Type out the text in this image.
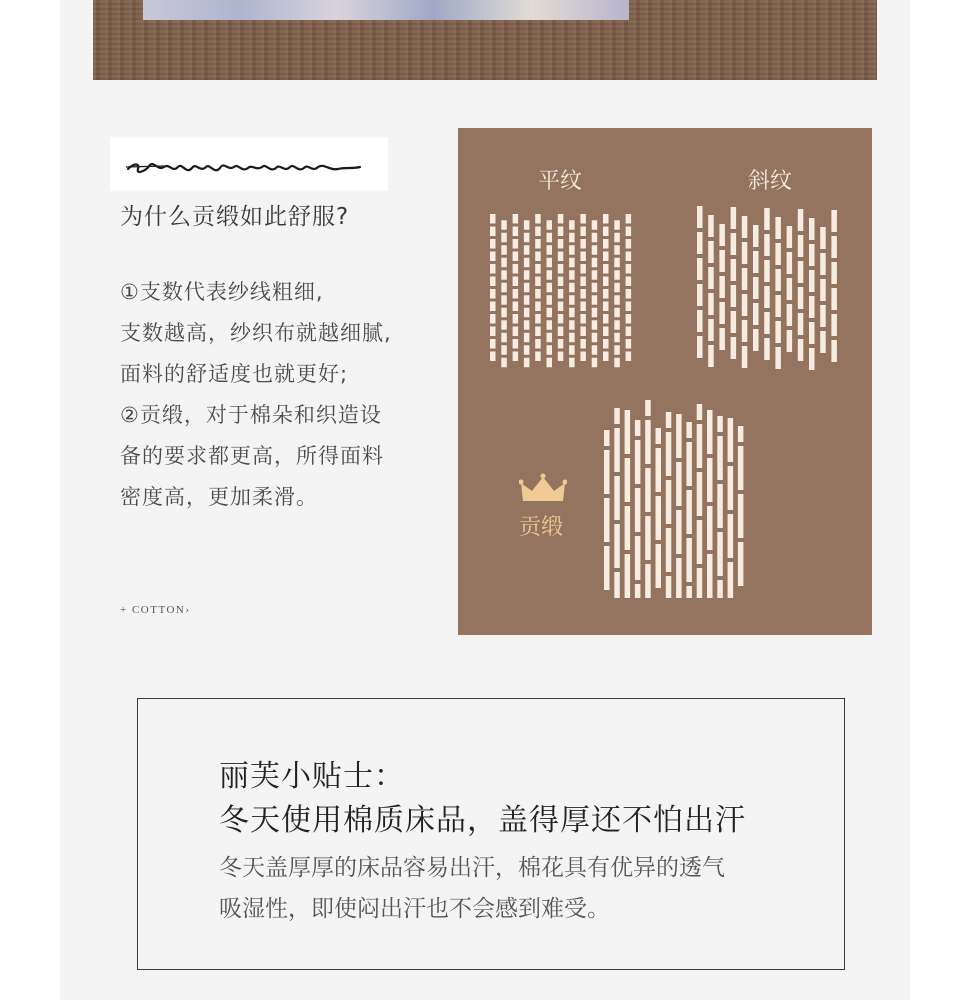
为什么贡缎如此舒服?
①支数代表纱线粗细,
支数越高，纱织布就越细腻,
面料的舒适度也就更好;
②贡缎，对于棉朵和织造设
备的要求都更高，所得面料
密度高，更加柔滑。
+ COTTON›
平纹	斜纹
贡缎
丽芙小贴士：
冬天使用棉质床品，盖得厚还不怕出汗
冬天盖厚厚的床品容易出汗，棉花具有优异的透气
吸湿性，即使闷出汗也不会感到难受。
